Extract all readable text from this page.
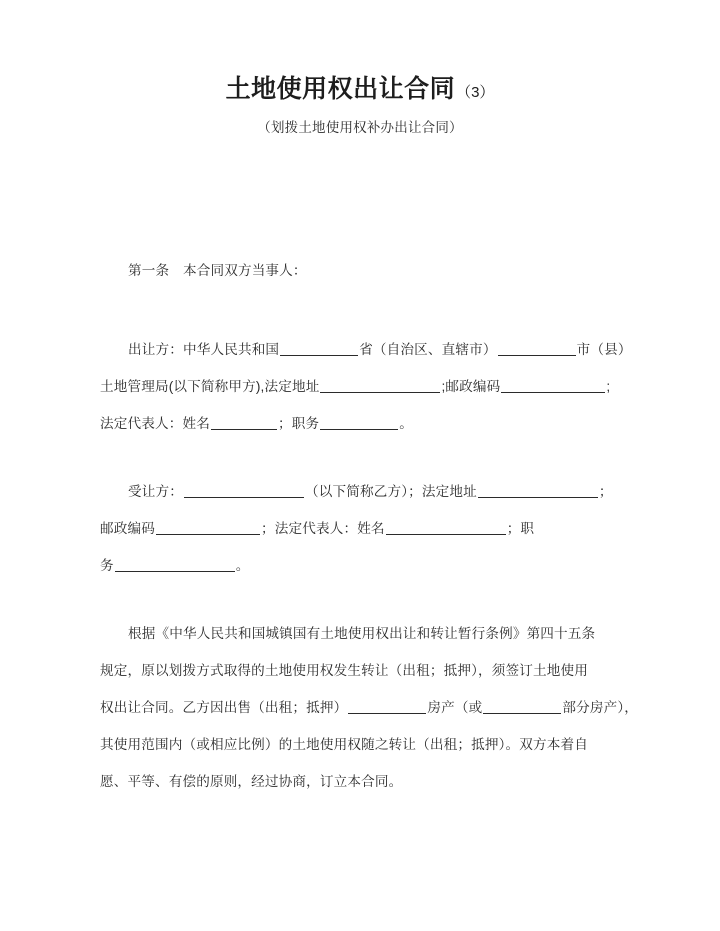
土地使用权出让合同（3）
（划拨土地使用权补办出让合同）

第一条　本合同双方当事人：

出让方：中华人民共和国	省（自治区、直辖市）	市（县）
土地管理局(以下简称甲方),法定地址	;邮政编码	;
法定代表人：姓名	；职务	。

受让方：	（以下简称乙方）；法定地址	；
邮政编码	；法定代表人：姓名	；职
务	。

根据《中华人民共和国城镇国有土地使用权出让和转让暂行条例》第四十五条
规定，原以划拨方式取得的土地使用权发生转让（出租；抵押），须签订土地使用
权出让合同。乙方因出售（出租；抵押）	房产（或	部分房产），
其使用范围内（或相应比例）的土地使用权随之转让（出租；抵押）。双方本着自
愿、平等、有偿的原则，经过协商，订立本合同。
